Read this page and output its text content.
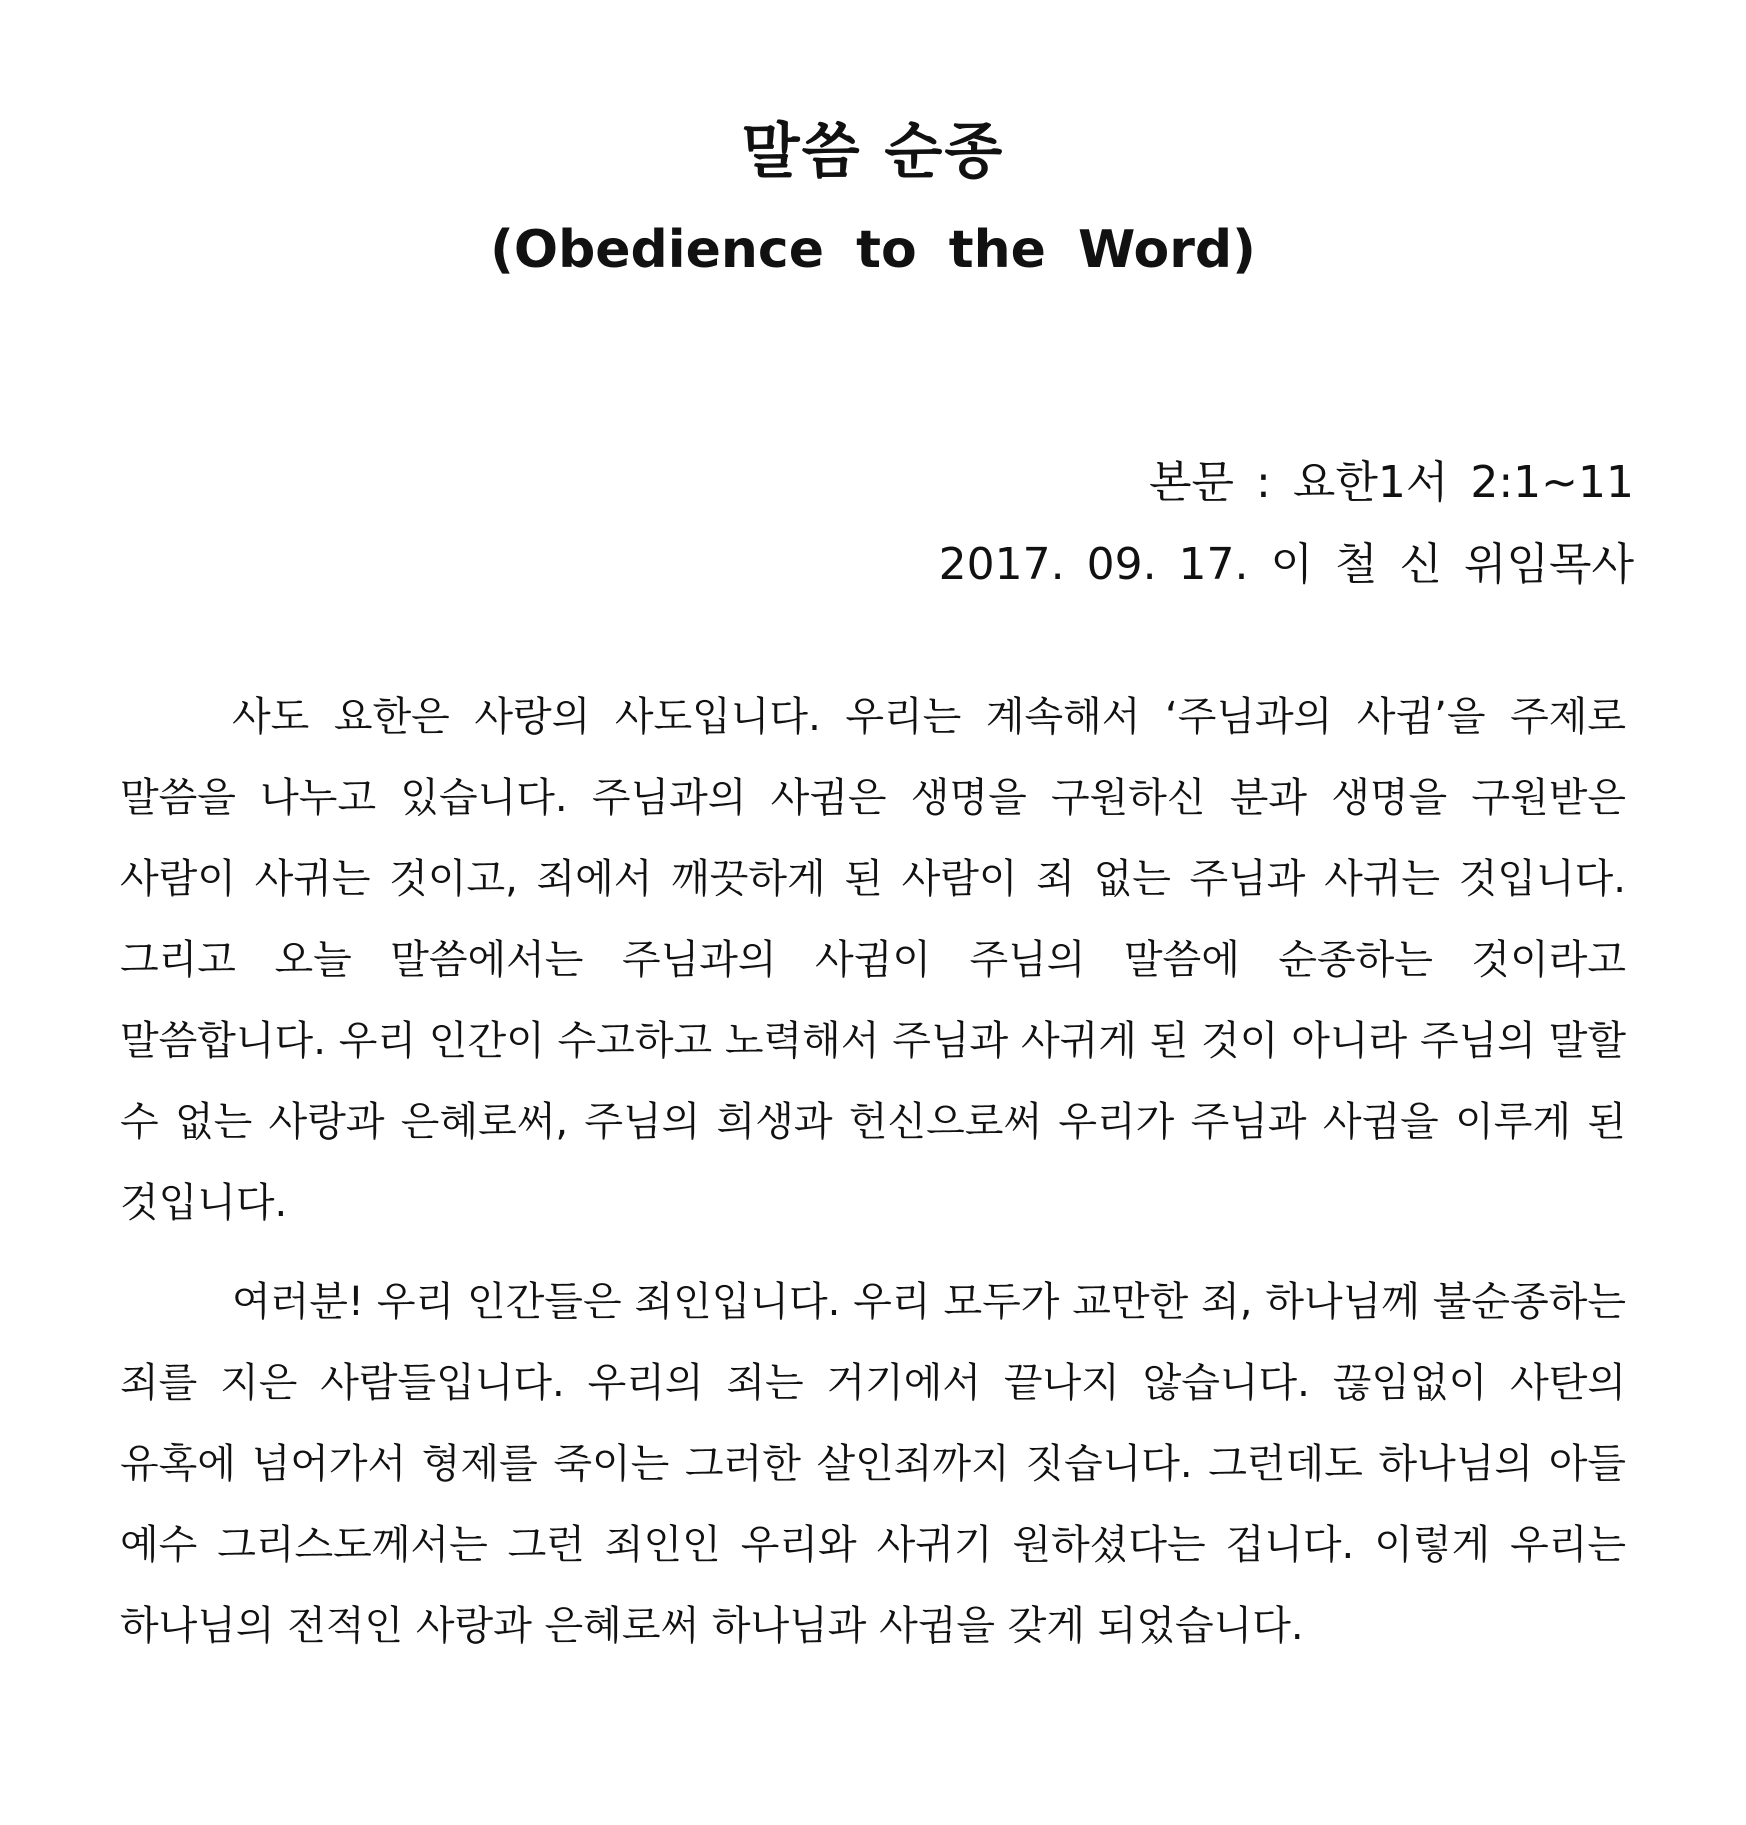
말씀 순종
(Obedience to the Word)
본문 : 요한1서 2:1~11
2017. 09. 17. 이 철 신 위임목사

사도 요한은 사랑의 사도입니다. 우리는 계속해서 ‘주님과의 사귐’을 주제로 말씀을 나누고 있습니다. 주님과의 사귐은 생명을 구원하신 분과 생명을 구원받은 사람이 사귀는 것이고, 죄에서 깨끗하게 된 사람이 죄 없는 주님과 사귀는 것입니다. 그리고 오늘 말씀에서는 주님과의 사귐이 주님의 말씀에 순종하는 것이라고 말씀합니다. 우리 인간이 수고하고 노력해서 주님과 사귀게 된 것이 아니라 주님의 말할 수 없는 사랑과 은혜로써, 주님의 희생과 헌신으로써 우리가 주님과 사귐을 이루게 된 것입니다.

여러분! 우리 인간들은 죄인입니다. 우리 모두가 교만한 죄, 하나님께 불순종하는 죄를 지은 사람들입니다. 우리의 죄는 거기에서 끝나지 않습니다. 끊임없이 사탄의 유혹에 넘어가서 형제를 죽이는 그러한 살인죄까지 짓습니다. 그런데도 하나님의 아들 예수 그리스도께서는 그런 죄인인 우리와 사귀기 원하셨다는 겁니다. 이렇게 우리는 하나님의 전적인 사랑과 은혜로써 하나님과 사귐을 갖게 되었습니다.
